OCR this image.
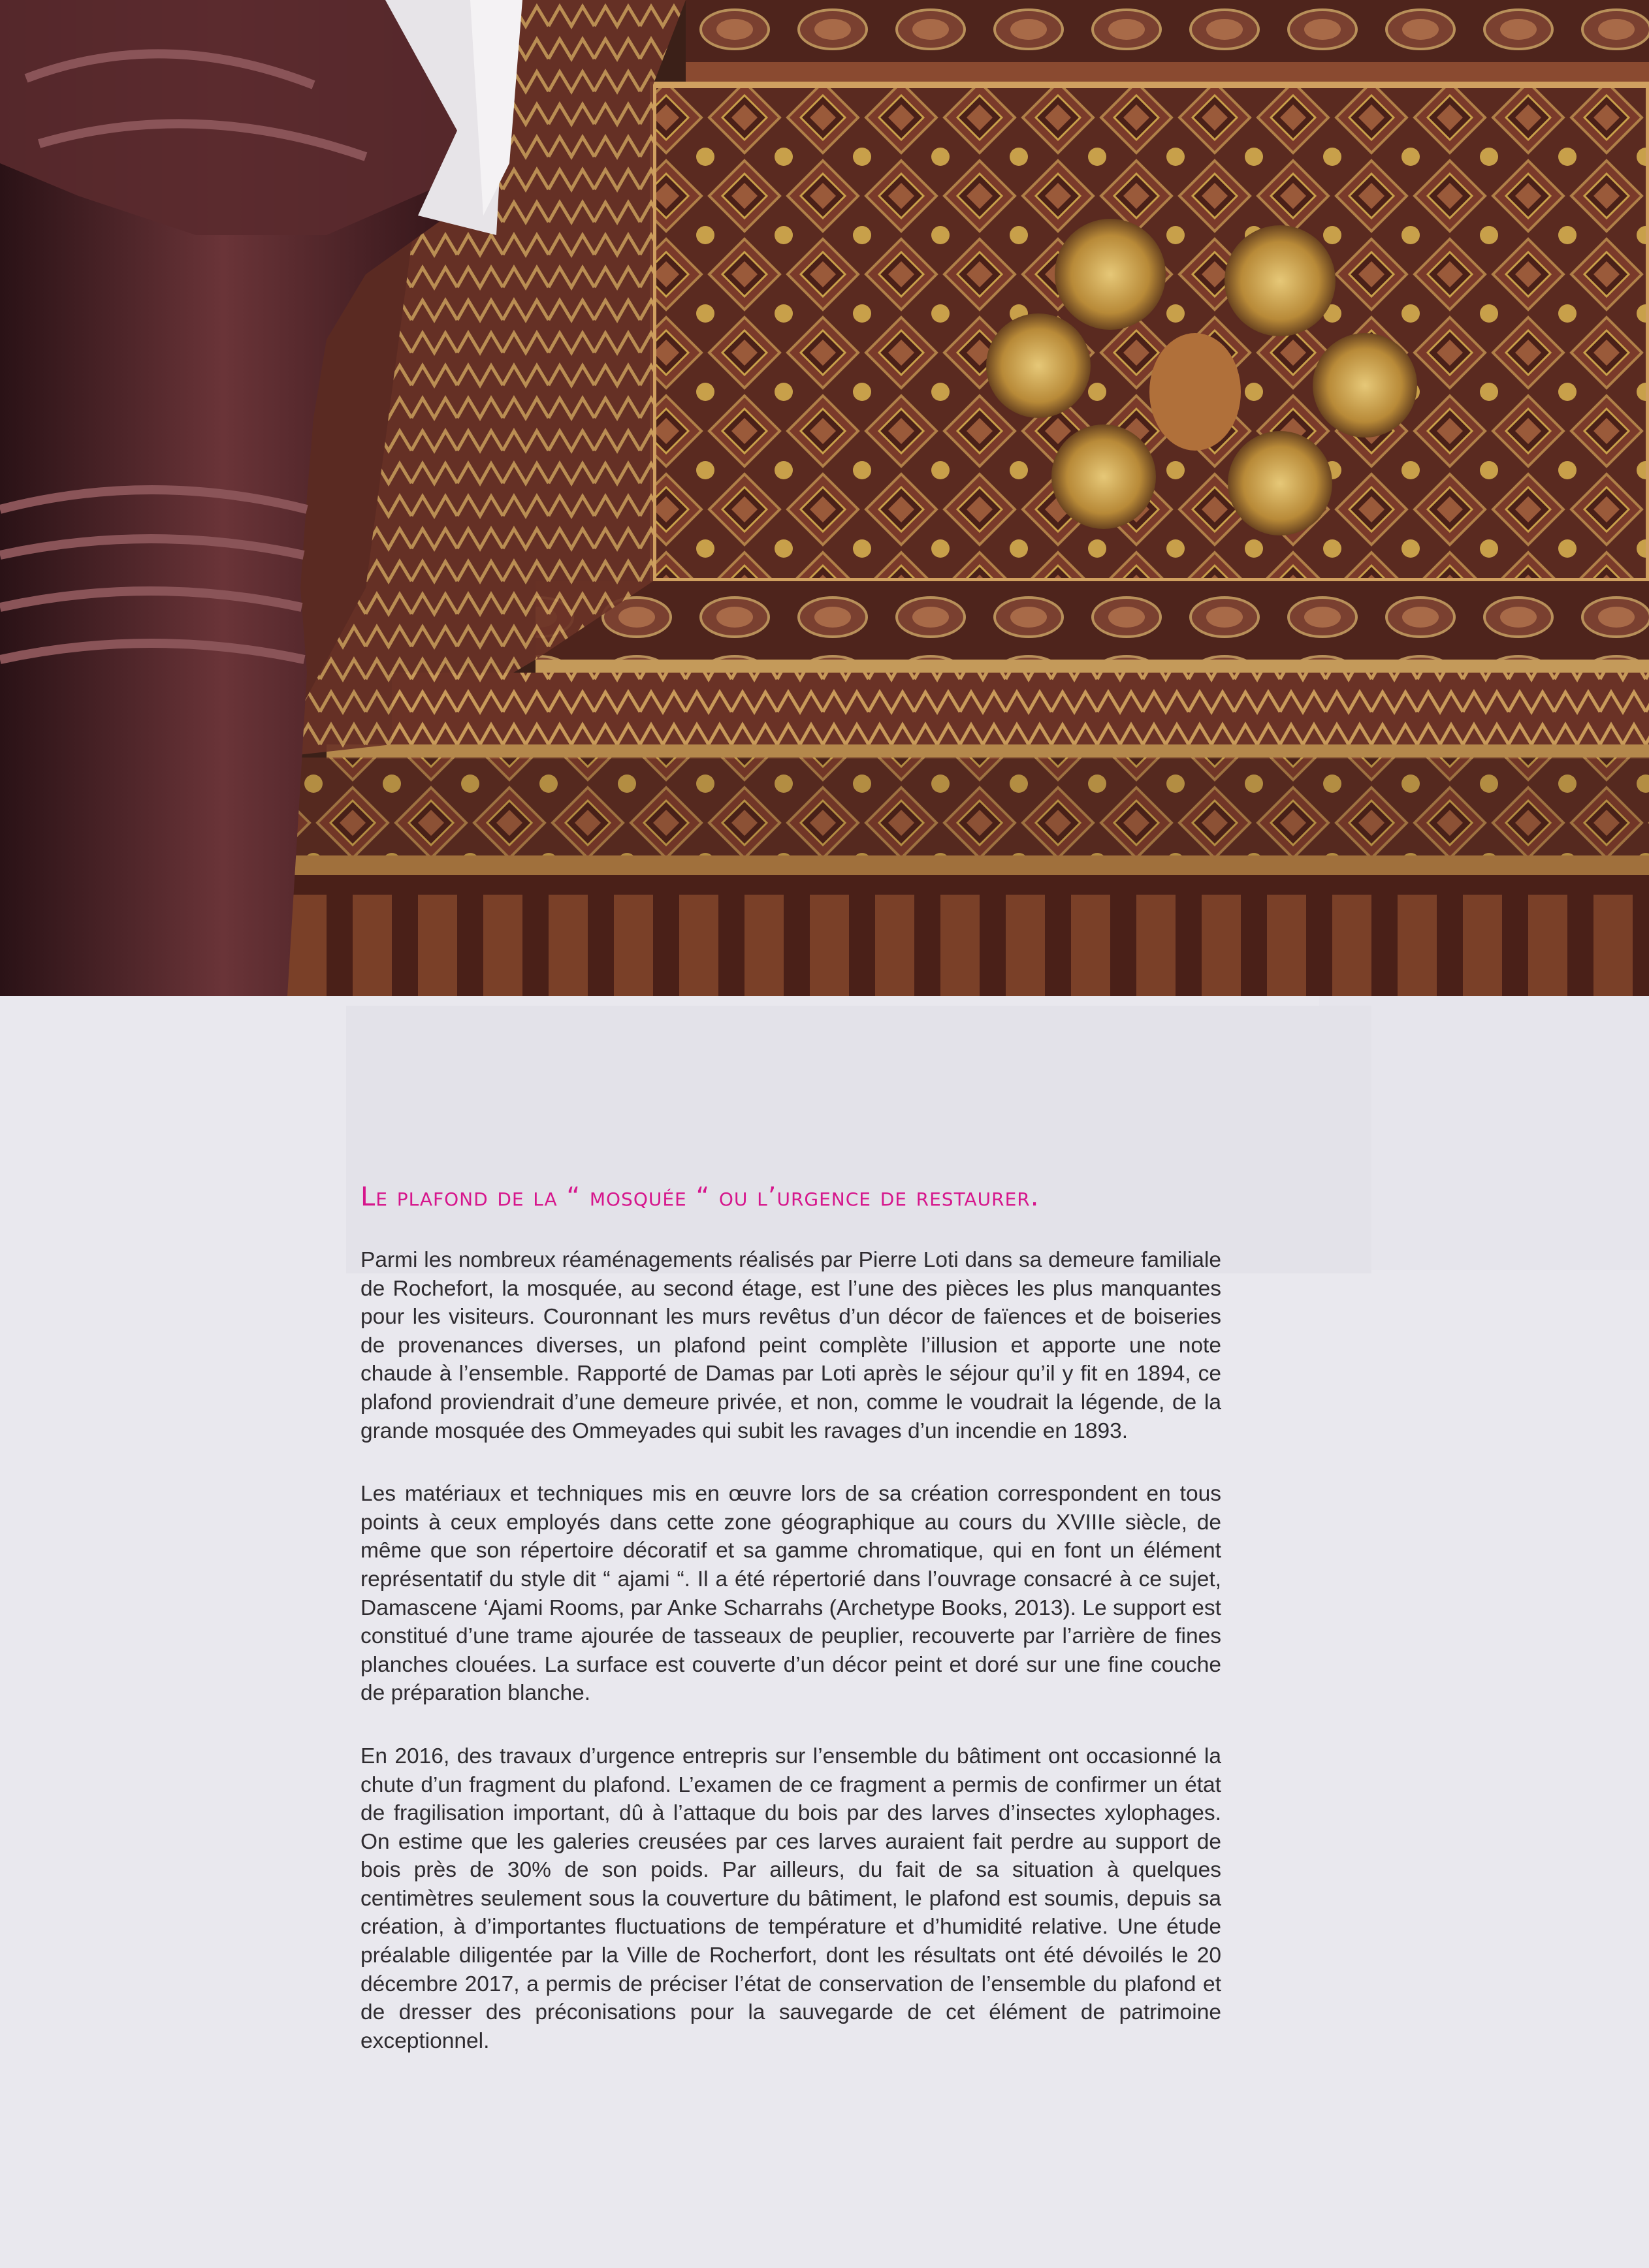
Le plafond de la “ mosquée “ ou l’urgence de restaurer.

Parmi les nombreux réaménagements réalisés par Pierre Loti dans sa demeure familiale de Rochefort, la mosquée, au second étage, est l’une des pièces les plus manquantes pour les visiteurs. Couronnant les murs revêtus d’un décor de faïences et de boiseries de provenances diverses, un plafond peint complète l’illusion et apporte une note chaude à l’ensemble. Rapporté de Damas par Loti après le séjour qu’il y fit en 1894, ce plafond proviendrait d’une demeure privée, et non, comme le voudrait la légende, de la grande mosquée des Ommeyades qui subit les ravages d’un incendie en 1893.

Les matériaux et techniques mis en œuvre lors de sa création correspondent en tous points à ceux employés dans cette zone géographique au cours du XVIIIe siècle, de même que son répertoire décoratif et sa gamme chromatique, qui en font un élément représentatif du style dit “ ajami “. Il a été répertorié dans l’ouvrage consacré à ce sujet, Damascene ‘Ajami Rooms, par Anke Scharrahs (Archetype Books, 2013). Le support est constitué d’une trame ajourée de tasseaux de peuplier, recouverte par l’arrière de fines planches clouées. La surface est couverte d’un décor peint et doré sur une fine couche de préparation blanche.

En 2016, des travaux d’urgence entrepris sur l’ensemble du bâtiment ont occasionné la chute d’un fragment du plafond. L’examen de ce fragment a permis de confirmer un état de fragilisation important, dû à l’attaque du bois par des larves d’insectes xylophages. On estime que les galeries creusées par ces larves auraient fait perdre au support de bois près de 30% de son poids. Par ailleurs, du fait de sa situation à quelques centimètres seulement sous la couverture du bâtiment, le plafond est soumis, depuis sa création, à d’importantes fluctuations de température et d’humidité relative. Une étude préalable diligentée par la Ville de Rocherfort, dont les résultats ont été dévoilés le 20 décembre 2017, a permis de préciser l’état de conservation de l’ensemble du plafond et de dresser des préconisations pour la sauvegarde de cet élément de patrimoine exceptionnel.
